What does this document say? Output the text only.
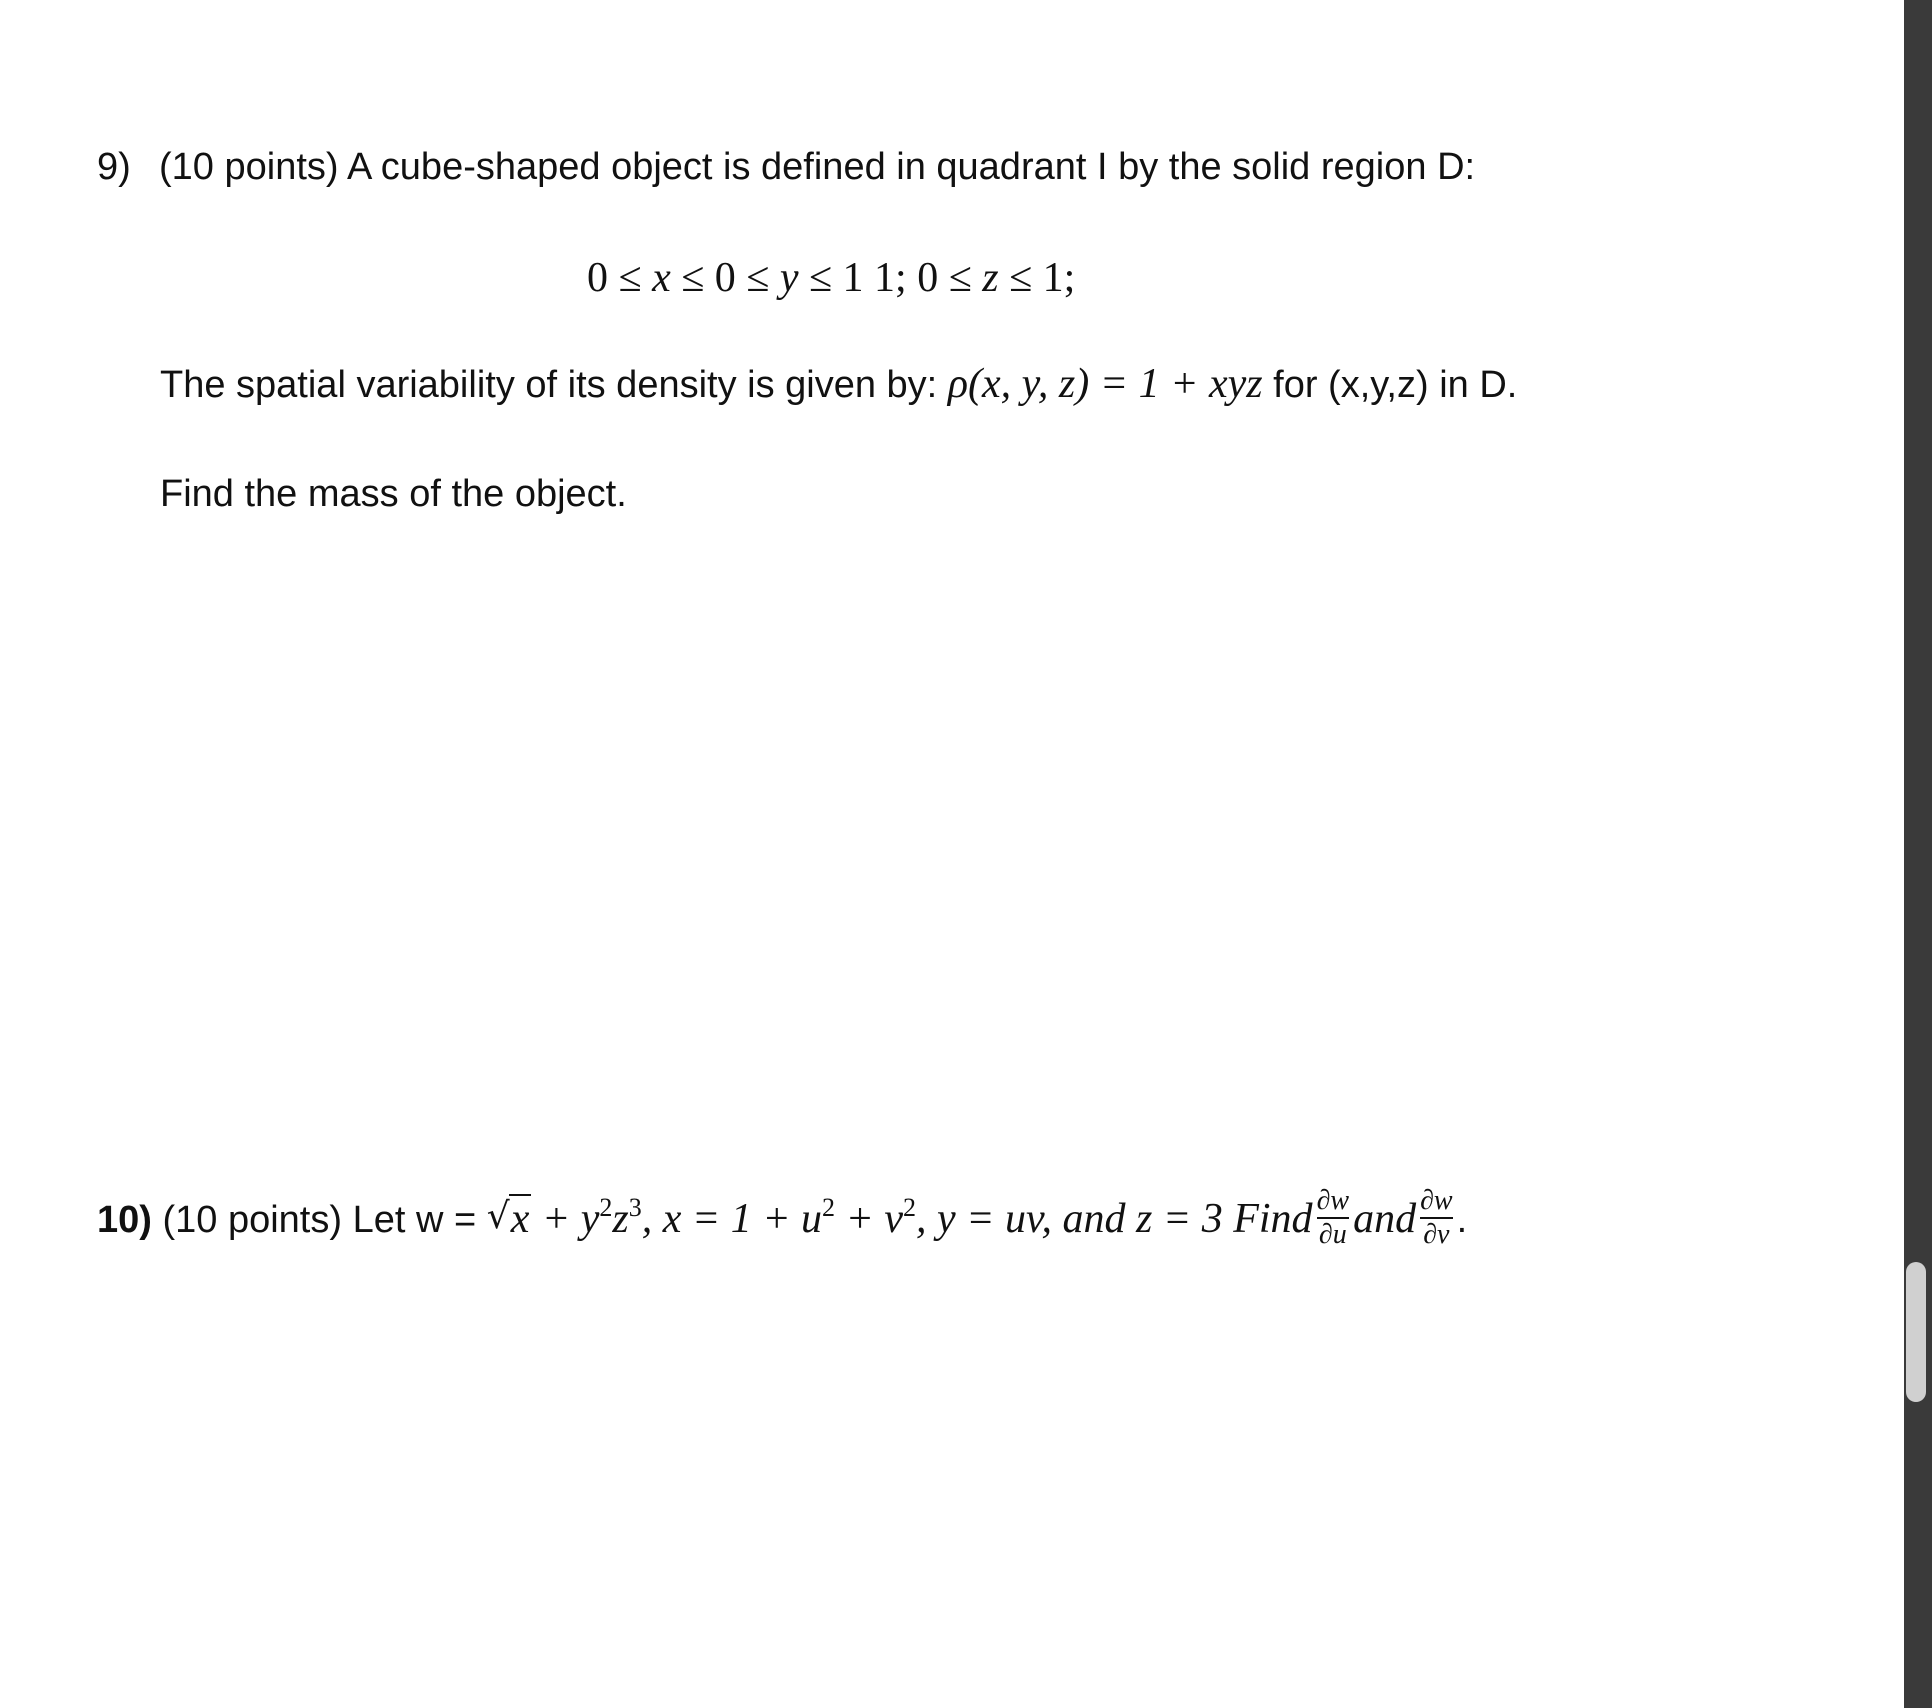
9) (10 points) A cube-shaped object is defined in quadrant I by the solid region D:
0 ≤ x ≤ 0 ≤ y ≤ 1 1; 0 ≤ z ≤ 1;
The spatial variability of its density is given by: ρ(x, y, z) = 1 + xyz for (x,y,z) in D.
Find the mass of the object.
10) (10 points) Let w = √ $x + y^2z^3$, $x = 1 + u^2 + v^2$, y = uv, and z = 3 Find $\frac{\partial w}{\partial u}$ and $\frac{\partial w}{\partial v}$ .
